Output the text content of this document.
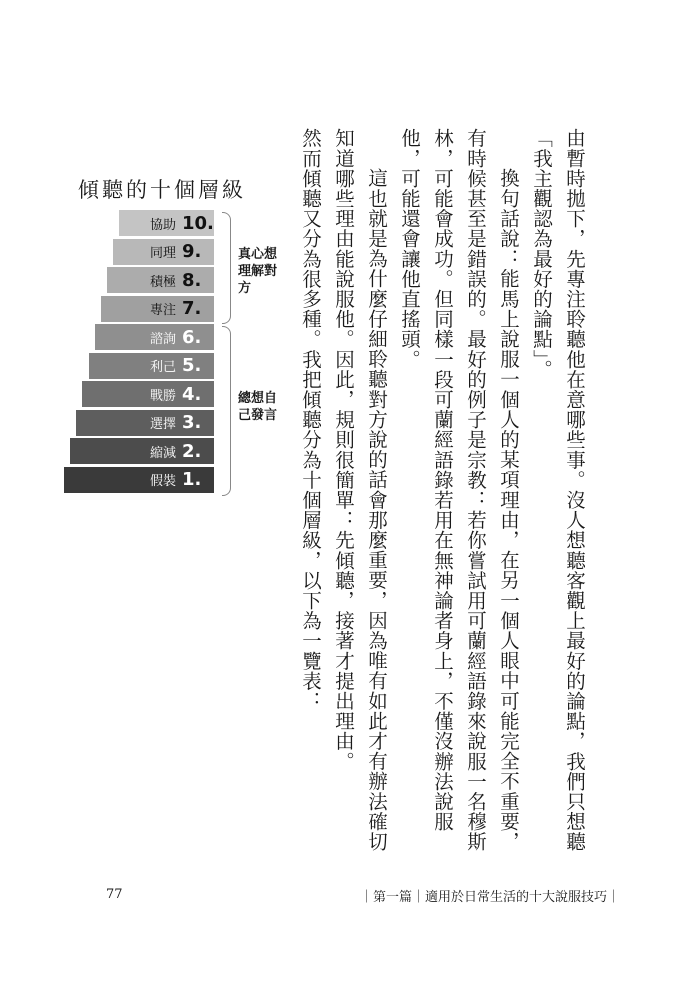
由暫時拋下，先專注聆聽他在意哪些事。沒人想聽客觀上最好的論點，我們只想聽
「我主觀認為最好的論點」。
換句話說：能馬上說服一個人的某項理由，在另一個人眼中可能完全不重要，
有時候甚至是錯誤的。最好的例子是宗教：若你嘗試用可蘭經語錄來說服一名穆斯
林，可能會成功。但同樣一段可蘭經語錄若用在無神論者身上，不僅沒辦法說服
他，可能還會讓他直搖頭。
這也就是為什麼仔細聆聽對方說的話會那麼重要，因為唯有如此才有辦法確切
知道哪些理由能說服他。因此，規則很簡單：先傾聽，接著才提出理由。
然而傾聽又分為很多種。我把傾聽分為十個層級，以下為一覽表：
傾聽的十個層級
協助 10.
同理 9.
積極 8.
專注 7.
諮詢 6.
利己 5.
戰勝 4.
選擇 3.
縮減 2.
假裝 1.
真心想理解對方
總想自己發言
77	｜第一篇｜適用於日常生活的十大說服技巧｜
